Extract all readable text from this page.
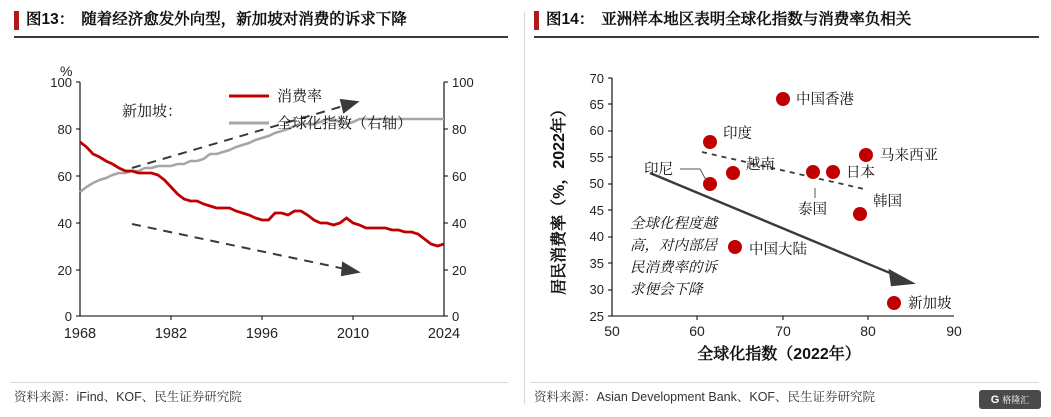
图13： 随着经济愈发外向型，新加坡对消费的诉求下降
100
80
60
40
20
0
100
80
60
40
20
0
1968	1982	1996	2010	2024
%
新加坡：
消费率
全球化指数（右轴）
资料来源：iFind、KOF、民生证券研究院
图14： 亚洲样本地区表明全球化指数与消费率负相关
70
65
60
55
50
45
40
35
30
25
50	60	70	80	90
全球化指数（2022年）
居民消费率（%，2022年）
中国香港
印度
马来西亚
越南
泰国
日本
印尼
韩国
中国大陆
新加坡
全球化程度越
高，对内部居
民消费率的诉
求便会下降
资料来源：Asian Development Bank、KOF、民生证券研究院	G 格隆汇
